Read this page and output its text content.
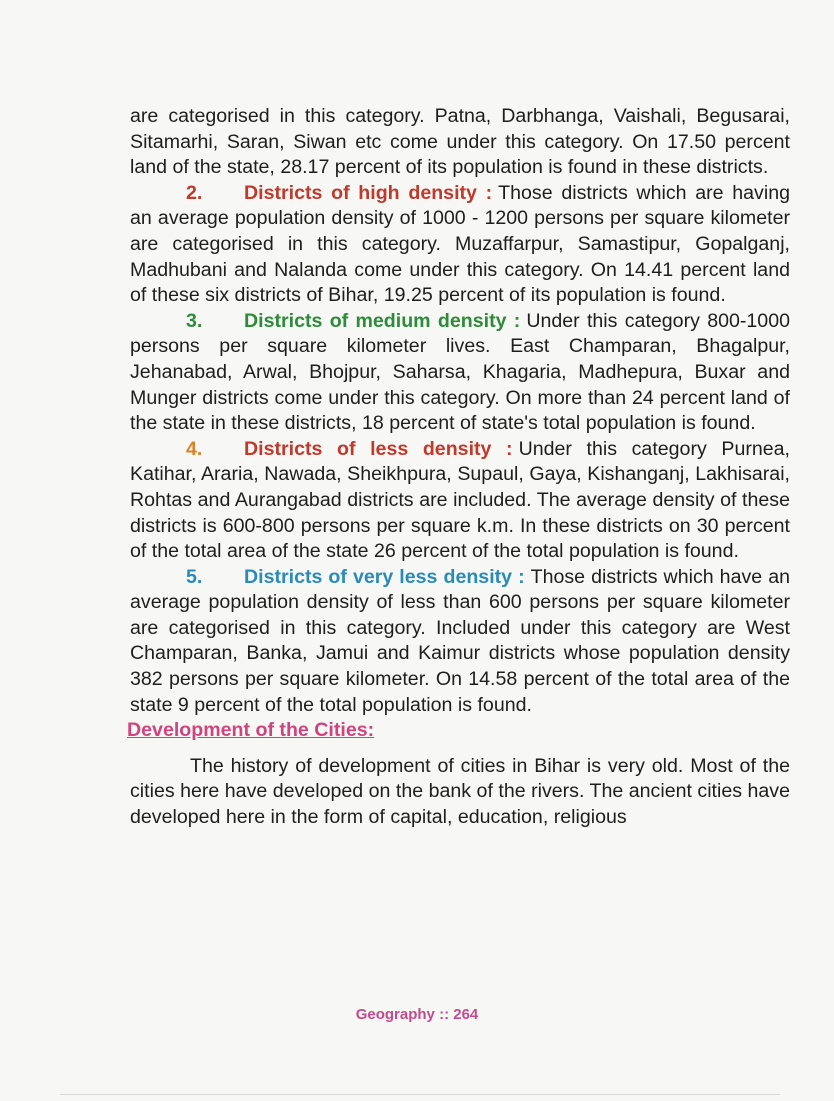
are categorised in this category. Patna, Darbhanga, Vaishali, Begusarai, Sitamarhi, Saran, Siwan etc come under this category. On 17.50 percent land of the state, 28.17 percent of its population is found in these districts.

2. Districts of high density : Those districts which are having an average population density of 1000 - 1200 persons per square kilometer are categorised in this category. Muzaffarpur, Samastipur, Gopalganj, Madhubani and Nalanda come under this category. On 14.41 percent land of these six districts of Bihar, 19.25 percent of its population is found.

3. Districts of medium density : Under this category 800-1000 persons per square kilometer lives. East Champaran, Bhagalpur, Jehanabad, Arwal, Bhojpur, Saharsa, Khagaria, Madhepura, Buxar and Munger districts come under this category. On more than 24 percent land of the state in these districts, 18 percent of state's total population is found.

4. Districts of less density : Under this category Purnea, Katihar, Araria, Nawada, Sheikhpura, Supaul, Gaya, Kishanganj, Lakhisarai, Rohtas and Aurangabad districts are included. The average density of these districts is 600-800 persons per square k.m. In these districts on 30 percent of the total area of the state 26 percent of the total population is found.

5. Districts of very less density : Those districts which have an average population density of less than 600 persons per square kilometer are categorised in this category. Included under this category are West Champaran, Banka, Jamui and Kaimur districts whose population density 382 persons per square kilometer. On 14.58 percent of the total area of the state 9 percent of the total population is found.

Development of the Cities:

The history of development of cities in Bihar is very old. Most of the cities here have developed on the bank of the rivers. The ancient cities have developed here in the form of capital, education, religious

Geography :: 264
